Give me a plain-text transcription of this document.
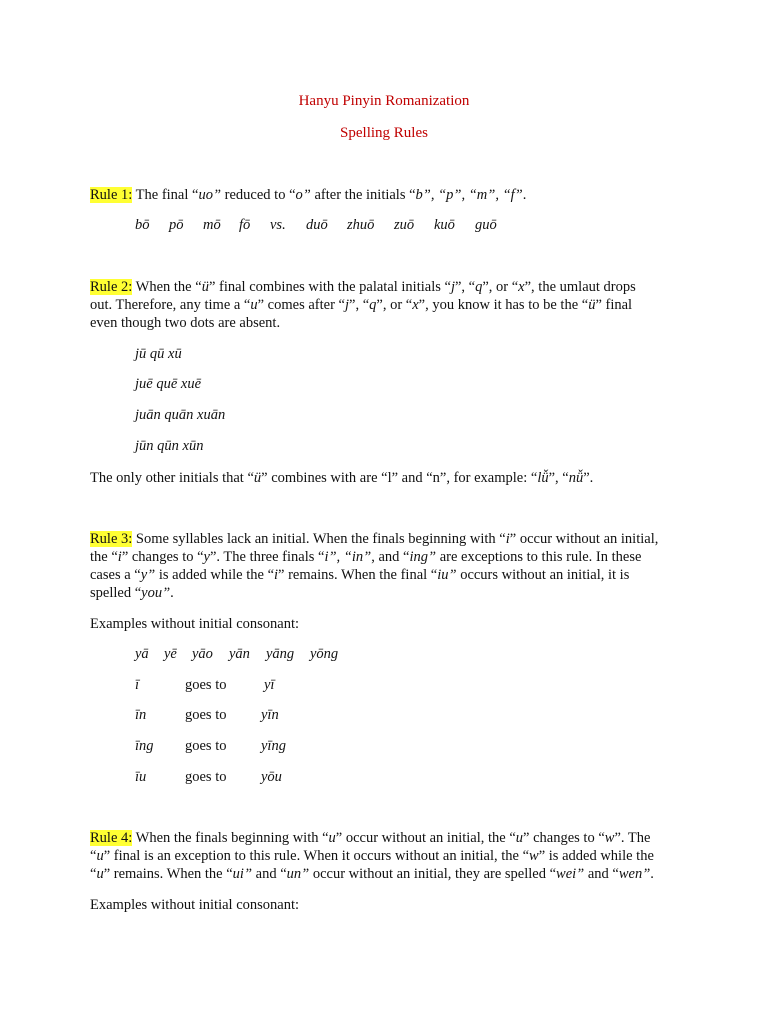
Hanyu Pinyin Romanization
Spelling Rules
Rule 1: The final “uo” reduced to “o” after the initials “b”, “p”, “m”, “f”.
bō pō mō fō vs. duō zhuō zuō kuō guō
Rule 2: When the “ü” final combines with the palatal initials “j”, “q”, or “x”, the umlaut drops
out. Therefore, any time a “u” comes after “j”, “q”, or “x”, you know it has to be the “ü” final
even though two dots are absent.
jū qū xū
juē quē xuē
juān quān xuān
jūn qūn xūn
The only other initials that “ü” combines with are “l” and “n”, for example: “lǚ”, “nǚ”.
Rule 3: Some syllables lack an initial. When the finals beginning with “i” occur without an initial,
the “i” changes to “y”. The three finals “i”, “in”, and “ing” are exceptions to this rule. In these
cases a “y” is added while the “i” remains. When the final “iu” occurs without an initial, it is
spelled “you”.
Examples without initial consonant:
yā yē yāo yān yāng yōng
ī	goes to	yī
īn	goes to yīn
īng goes to yīng
īu	goes to yōu
Rule 4: When the finals beginning with “u” occur without an initial, the “u” changes to “w”. The
“u” final is an exception to this rule. When it occurs without an initial, the “w” is added while the
“u” remains. When the “ui” and “un” occur without an initial, they are spelled “wei” and “wen”.
Examples without initial consonant:
